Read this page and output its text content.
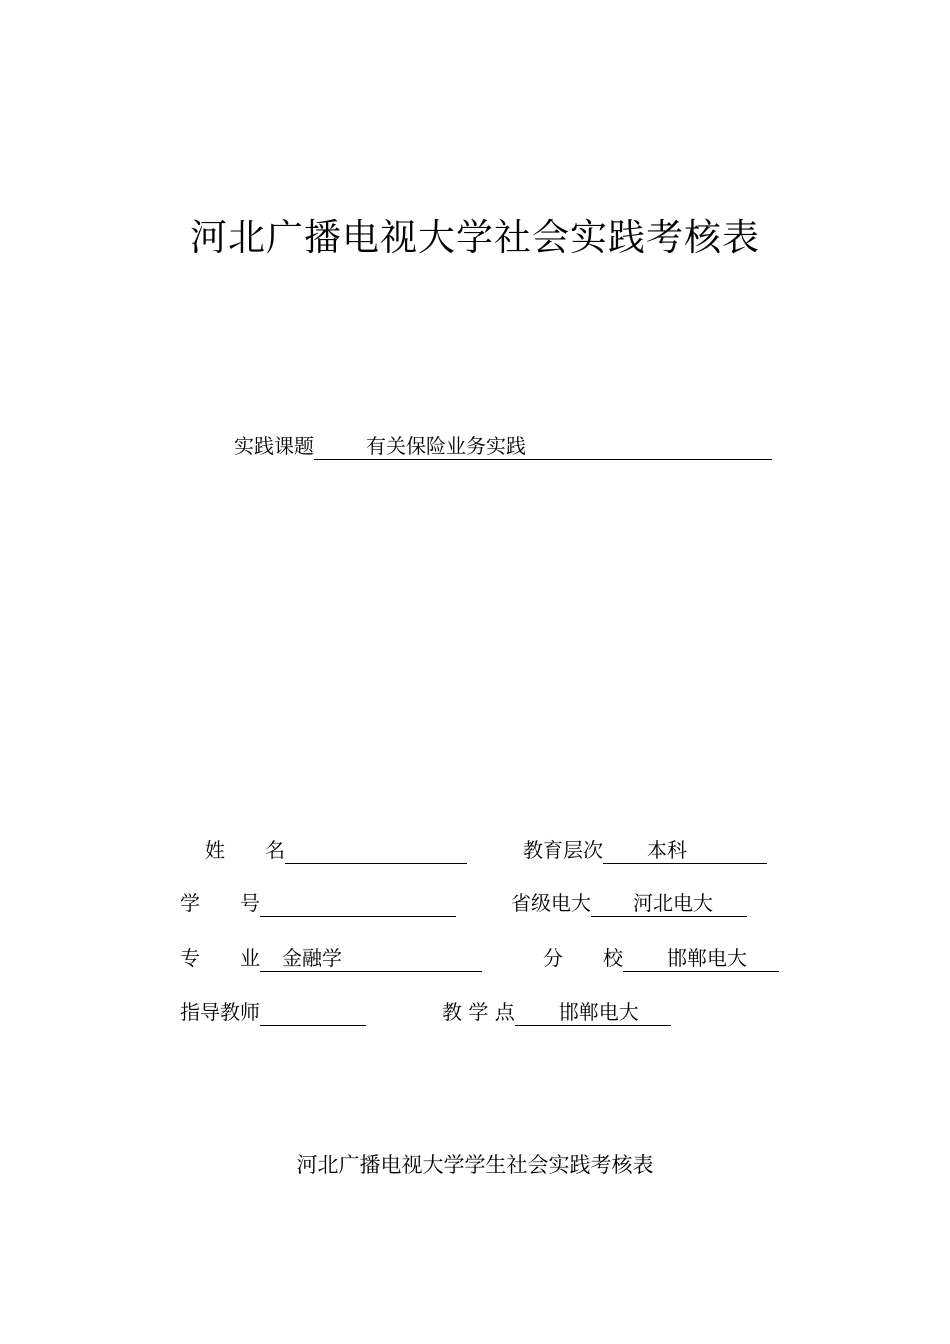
河北广播电视大学社会实践考核表
实践课题	有关保险业务实践
姓　　名	教育层次 本科
学　　号	省级电大 河北电大
专　　业 金融学	分　　校 邯郸电大
指导教师	教 学 点 邯郸电大
河北广播电视大学学生社会实践考核表
